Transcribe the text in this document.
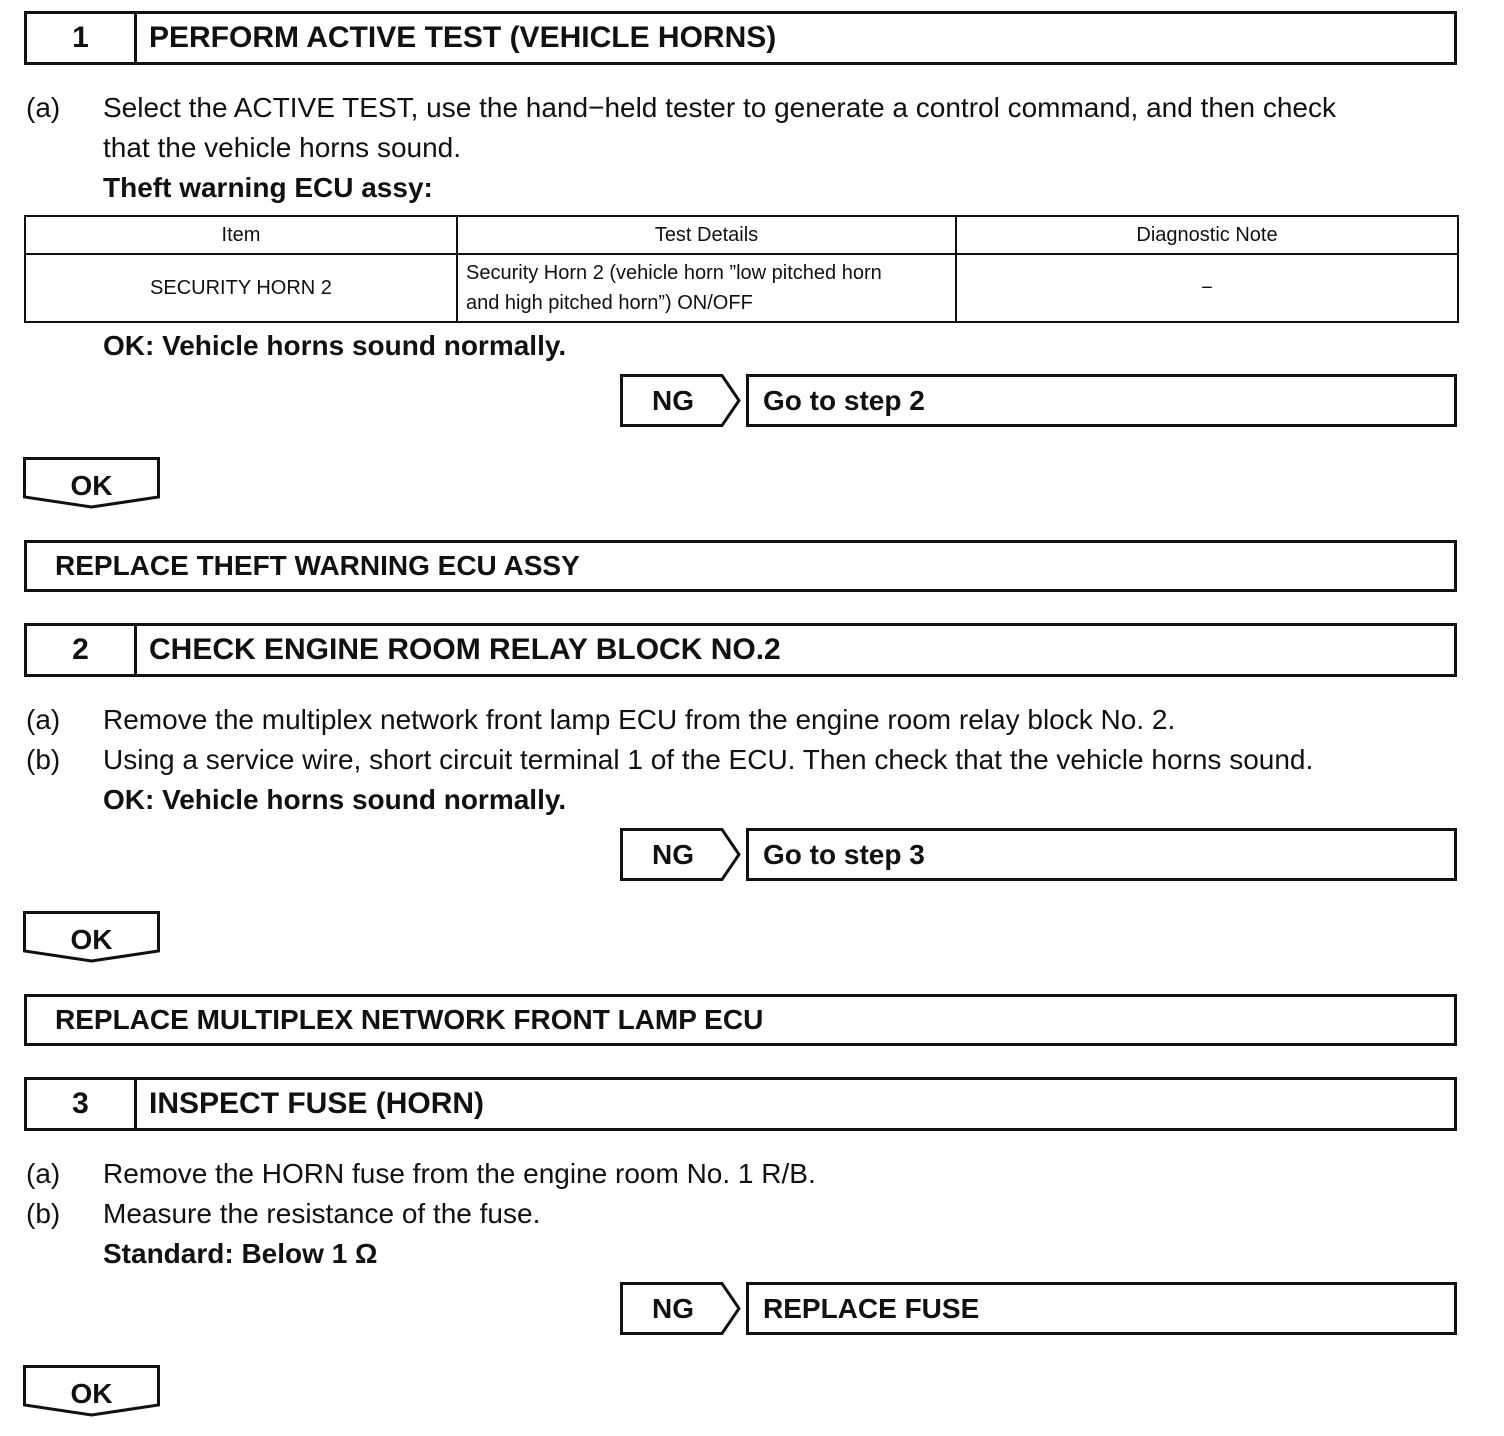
1	PERFORM ACTIVE TEST (VEHICLE HORNS)
(a) Select the ACTIVE TEST, use the hand−held tester to generate a control command, and then check
that the vehicle horns sound.
Theft warning ECU assy:
Item	Test Details	Diagnostic Note
SECURITY HORN 2	Security Horn 2 (vehicle horn ”low pitched horn
and high pitched horn”) ON/OFF	−
OK: Vehicle horns sound normally.
NG	Go to step 2
OK
REPLACE THEFT WARNING ECU ASSY
2	CHECK ENGINE ROOM RELAY BLOCK NO.2
(a) Remove the multiplex network front lamp ECU from the engine room relay block No. 2.
(b) Using a service wire, short circuit terminal 1 of the ECU. Then check that the vehicle horns sound.
OK: Vehicle horns sound normally.
NG	Go to step 3
OK
REPLACE MULTIPLEX NETWORK FRONT LAMP ECU
3	INSPECT FUSE (HORN)
(a) Remove the HORN fuse from the engine room No. 1 R/B.
(b) Measure the resistance of the fuse.
Standard: Below 1 Ω
NG	REPLACE FUSE
OK
